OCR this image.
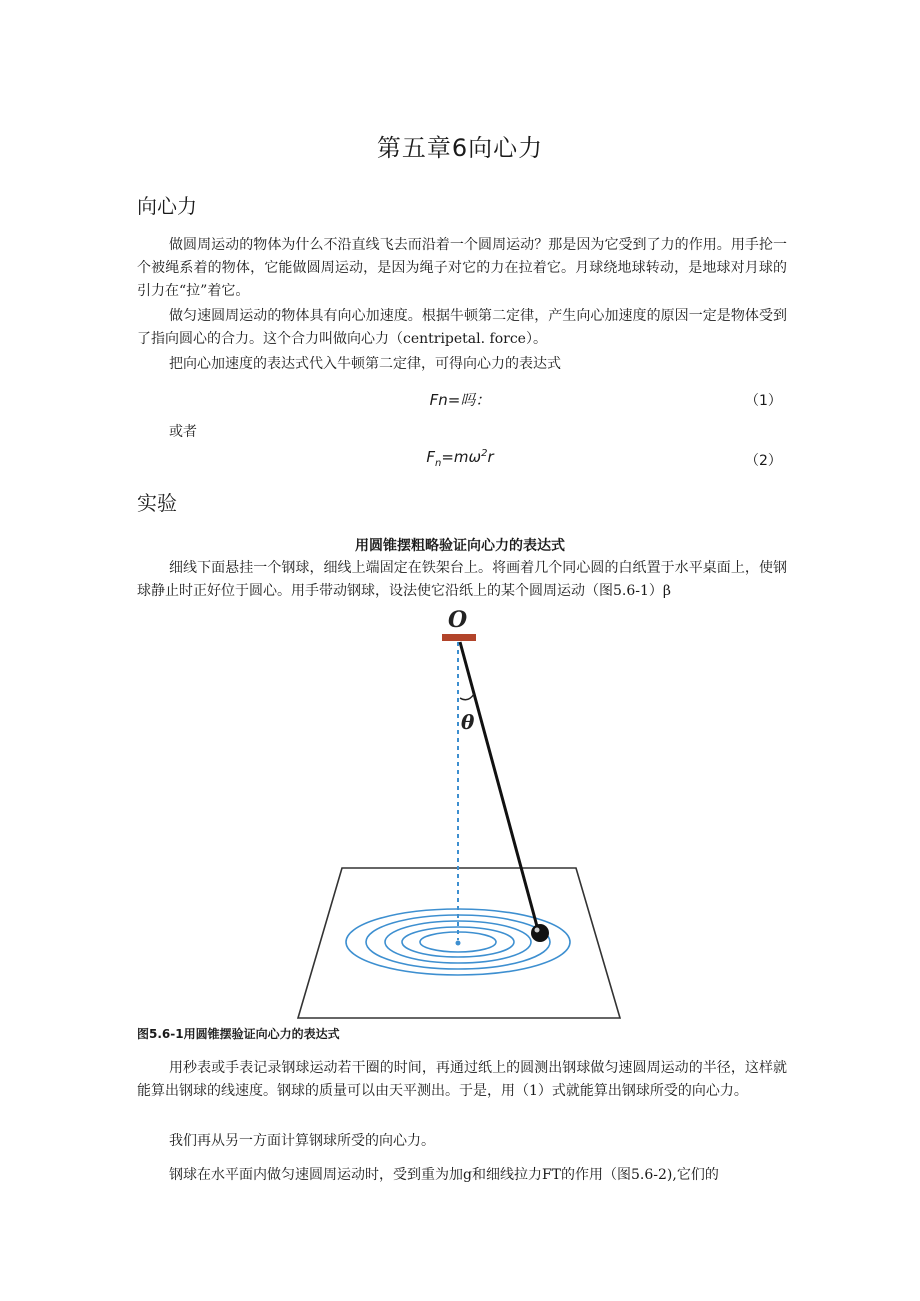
第五章6向心力
向心力
做圆周运动的物体为什么不沿直线飞去而沿着一个圆周运动？那是因为它受到了力的作用。用手抡一个被绳系着的物体，它能做圆周运动，是因为绳子对它的力在拉着它。月球绕地球转动，是地球对月球的引力在“拉”着它。
做匀速圆周运动的物体具有向心加速度。根据牛顿第二定律，产生向心加速度的原因一定是物体受到了指向圆心的合力。这个合力叫做向心力（centripetal. force）。
把向心加速度的表达式代入牛顿第二定律，可得向心力的表达式
Fn=吗：	（1）
或者
$F_n=m\omega^2r$	（2）
实验
用圆锥摆粗略验证向心力的表达式
细线下面悬挂一个钢球，细线上端固定在铁架台上。将画着几个同心圆的白纸置于水平桌面上，使钢球静止时正好位于圆心。用手带动钢球，设法使它沿纸上的某个圆周运动（图5.6-1）β
O
θ
图5.6-1用圆锥摆验证向心力的表达式
用秒表或手表记录钢球运动若干圈的时间，再通过纸上的圆测出钢球做匀速圆周运动的半径，这样就能算出钢球的线速度。钢球的质量可以由天平测出。于是，用（1）式就能算出钢球所受的向心力。
我们再从另一方面计算钢球所受的向心力。
钢球在水平面内做匀速圆周运动时，受到重为加g和细线拉力FT的作用（图5.6-2),它们的
